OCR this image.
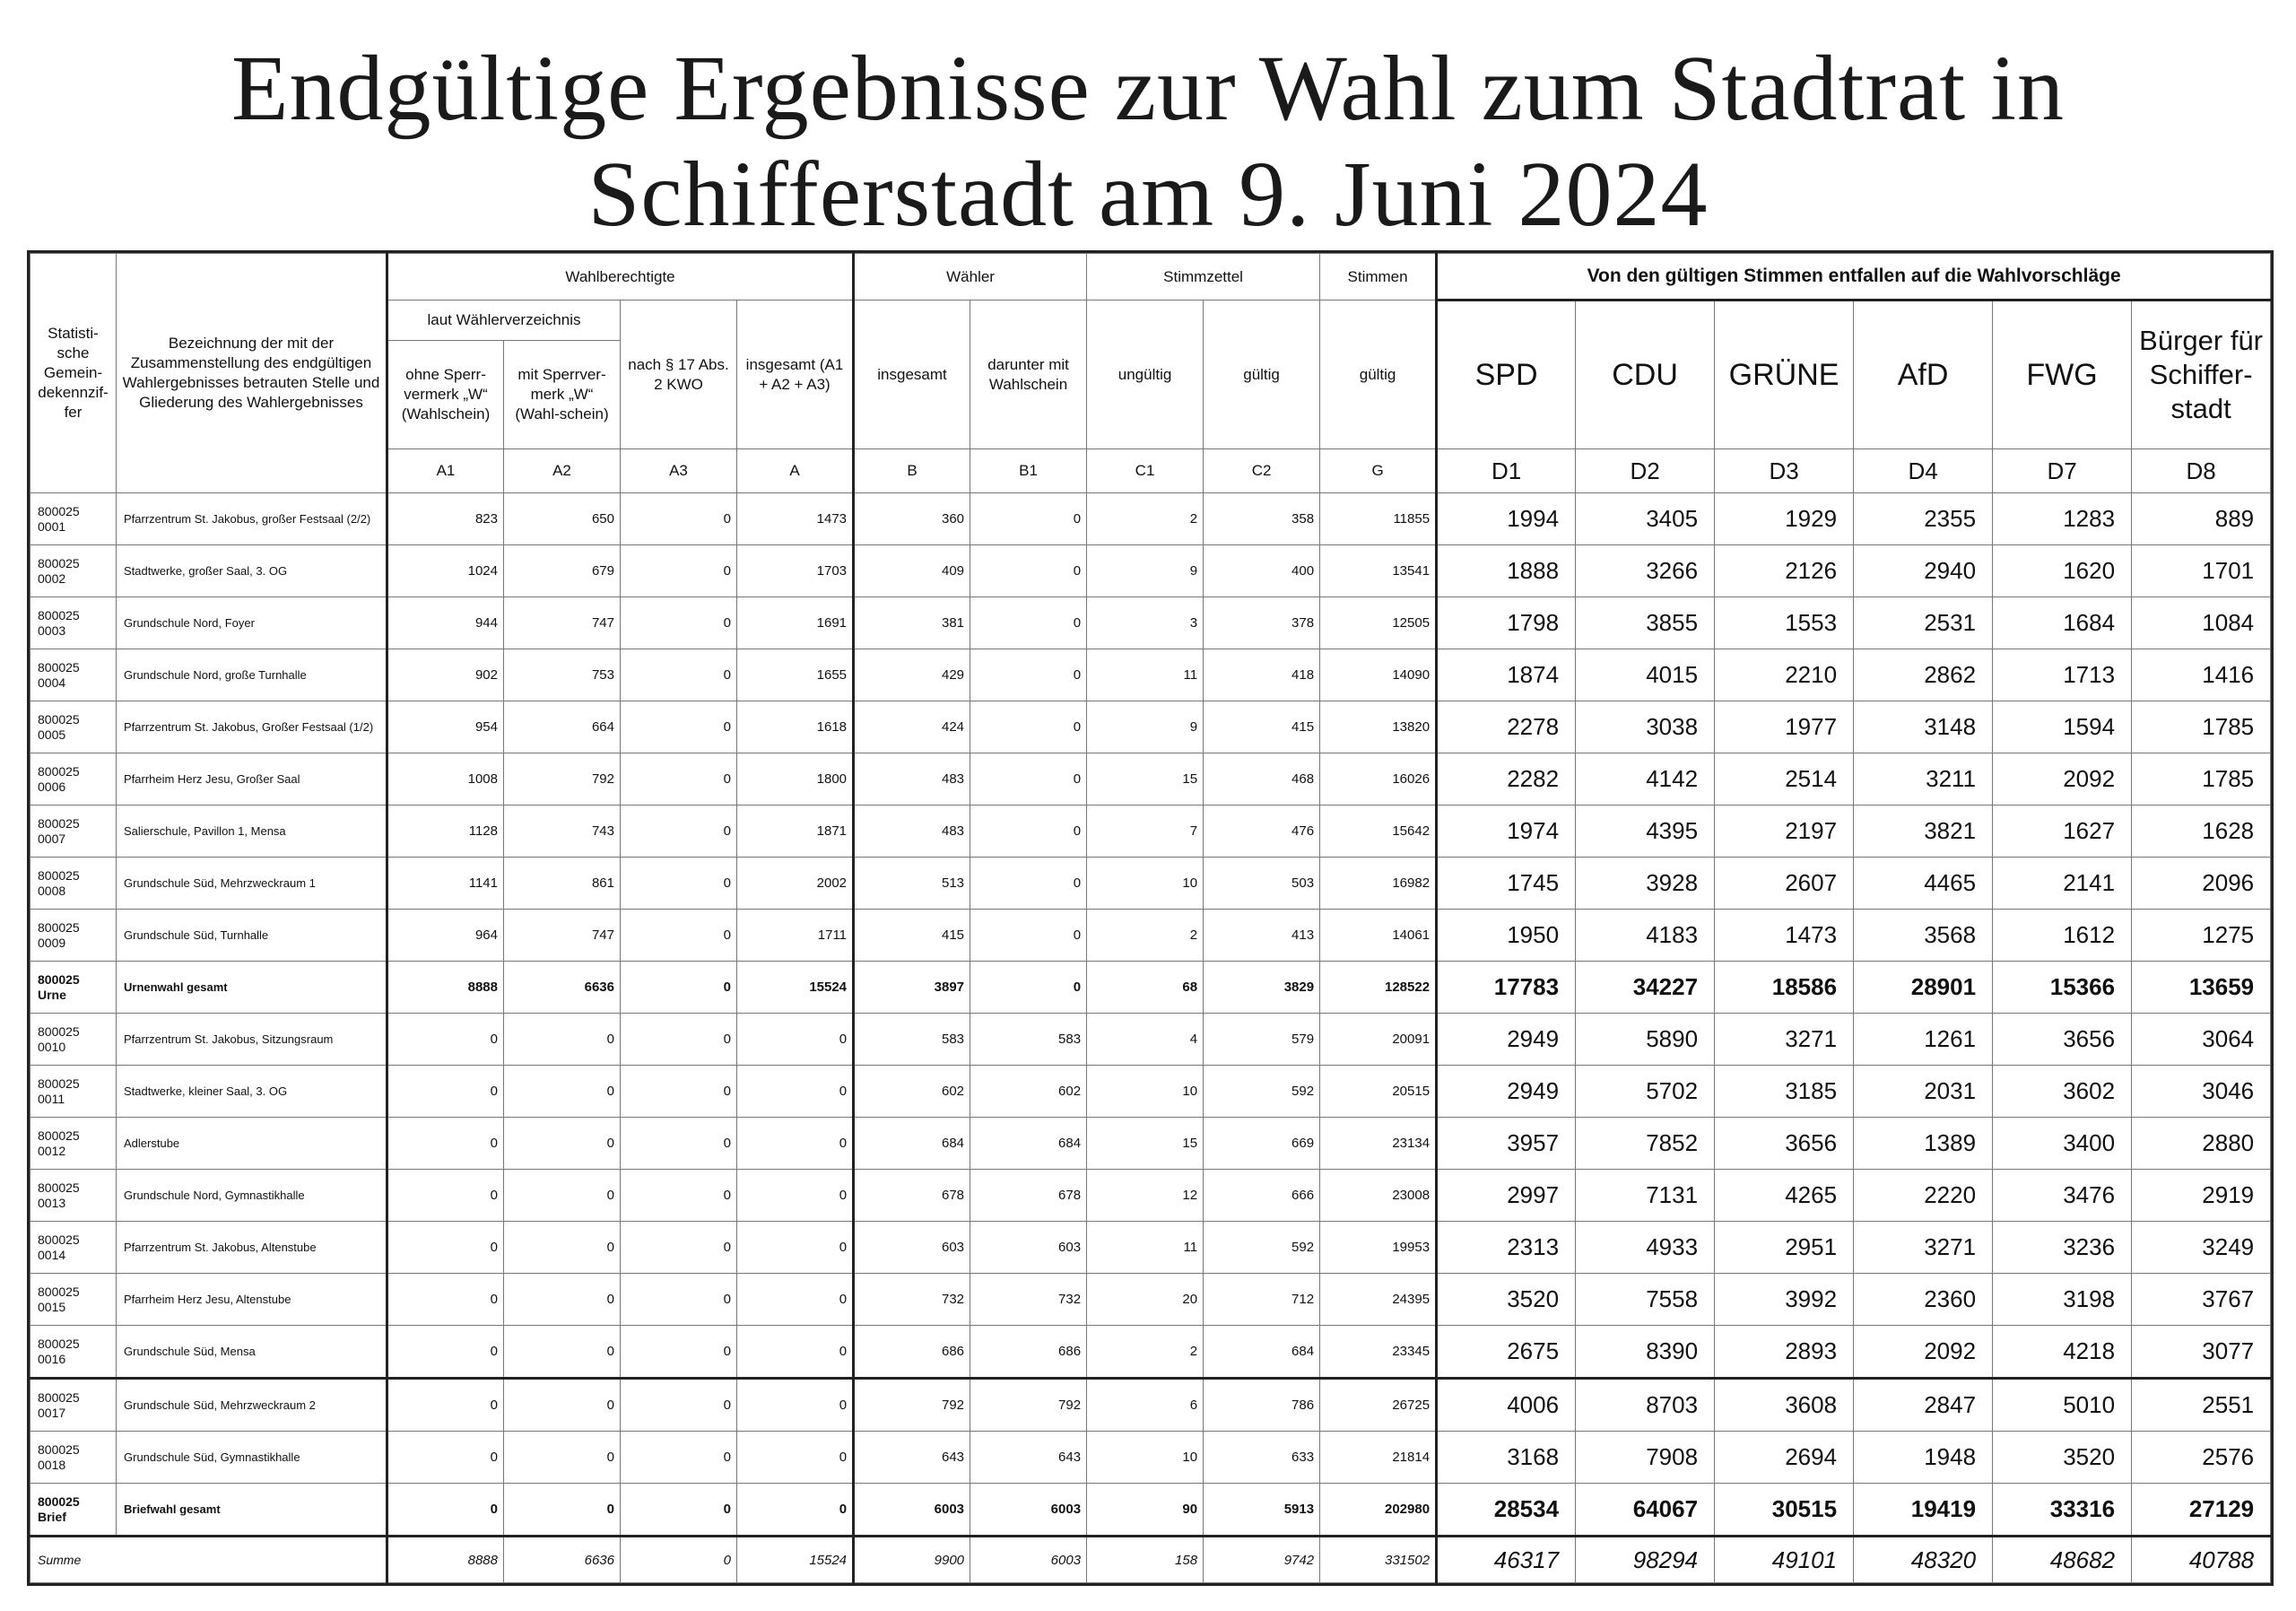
Endgültige Ergebnisse zur Wahl zum Stadtrat in
Schifferstadt am 9. Juni 2024
Statisti-sche Gemein-dekennzif-fer	Bezeichnung der mit der Zusammenstellung des endgültigen Wahlergebnisses betrauten Stelle und Gliederung des Wahlergebnisses	Wahlberechtigte				Wähler		Stimmzettel		Stimmen	Von den gültigen Stimmen entfallen auf die Wahlvorschläge					
		laut Wählerverzeichnis		nach § 17 Abs. 2 KWO	insgesamt (A1 + A2 + A3)	insgesamt	darunter mit Wahlschein	ungültig	gültig	gültig	SPD	CDU	GRÜNE	AfD	FWG	Bürger für Schiffer-stadt
		ohne Sperr-vermerk „W“ (Wahlschein)	mit Sperrver-merk „W“ (Wahl-schein)													
		A1	A2	A3	A	B	B1	C1	C2	G	D1	D2	D3	D4	D7	D8

800025
0001	Pfarrzentrum St. Jakobus, großer Festsaal (2/2)	823	650	0	1473	360	0	2	358	11855	1994	3405	1929	2355	1283	889

800025
0002	Stadtwerke, großer Saal, 3. OG	1024	679	0	1703	409	0	9	400	13541	1888	3266	2126	2940	1620	1701

800025
0003	Grundschule Nord, Foyer	944	747	0	1691	381	0	3	378	12505	1798	3855	1553	2531	1684	1084

800025
0004	Grundschule Nord, große Turnhalle	902	753	0	1655	429	0	11	418	14090	1874	4015	2210	2862	1713	1416

800025
0005	Pfarrzentrum St. Jakobus, Großer Festsaal (1/2)	954	664	0	1618	424	0	9	415	13820	2278	3038	1977	3148	1594	1785

800025
0006	Pfarrheim Herz Jesu, Großer Saal	1008	792	0	1800	483	0	15	468	16026	2282	4142	2514	3211	2092	1785

800025
0007	Salierschule, Pavillon 1, Mensa	1128	743	0	1871	483	0	7	476	15642	1974	4395	2197	3821	1627	1628

800025
0008	Grundschule Süd, Mehrzweckraum 1	1141	861	0	2002	513	0	10	503	16982	1745	3928	2607	4465	2141	2096

800025
0009	Grundschule Süd, Turnhalle	964	747	0	1711	415	0	2	413	14061	1950	4183	1473	3568	1612	1275

800025
Urne	Urnenwahl gesamt	8888	6636	0	15524	3897	0	68	3829	128522	17783	34227	18586	28901	15366	13659

800025
0010	Pfarrzentrum St. Jakobus, Sitzungsraum	0	0	0	0	583	583	4	579	20091	2949	5890	3271	1261	3656	3064

800025
0011	Stadtwerke, kleiner Saal, 3. OG	0	0	0	0	602	602	10	592	20515	2949	5702	3185	2031	3602	3046

800025
0012	Adlerstube	0	0	0	0	684	684	15	669	23134	3957	7852	3656	1389	3400	2880

800025
0013	Grundschule Nord, Gymnastikhalle	0	0	0	0	678	678	12	666	23008	2997	7131	4265	2220	3476	2919

800025
0014	Pfarrzentrum St. Jakobus, Altenstube	0	0	0	0	603	603	11	592	19953	2313	4933	2951	3271	3236	3249

800025
0015	Pfarrheim Herz Jesu, Altenstube	0	0	0	0	732	732	20	712	24395	3520	7558	3992	2360	3198	3767

800025
0016	Grundschule Süd, Mensa	0	0	0	0	686	686	2	684	23345	2675	8390	2893	2092	4218	3077

800025
0017	Grundschule Süd, Mehrzweckraum 2	0	0	0	0	792	792	6	786	26725	4006	8703	3608	2847	5010	2551

800025
0018	Grundschule Süd, Gymnastikhalle	0	0	0	0	643	643	10	633	21814	3168	7908	2694	1948	3520	2576

800025
Brief	Briefwahl gesamt	0	0	0	0	6003	6003	90	5913	202980	28534	64067	30515	19419	33316	27129
Summe		8888	6636	0	15524	9900	6003	158	9742	331502	46317	98294	49101	48320	48682	40788
